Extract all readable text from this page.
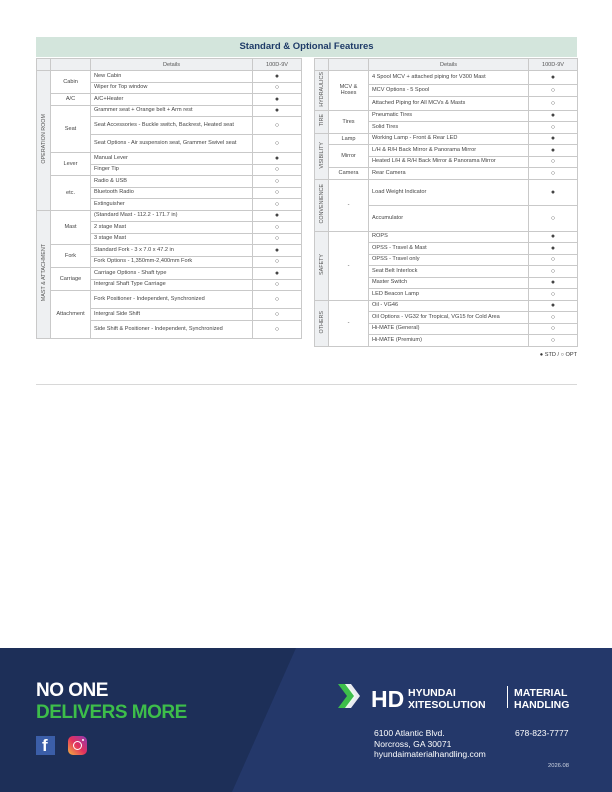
Standard & Optional Features
		Details	100D-9V
OPERATION ROOM	Cabin	New Cabin	●
		Wiper for Top window	○
	A/C	A/C+Heater	●
	Seat	Grammer seat + Orange belt + Arm rest	●
		Seat Accessories - Buckle switch, Backrest, Heated seat	○
		Seat Options - Air suspension seat, Grammer Swivel seat	○
	Lever	Manual Lever	●
		Finger Tip	○
	etc.	Radio & USB	○
		Bluetooth Radio	○
		Extinguisher	○
MAST & ATTACHMENT	Mast	(Standard Mast - 112.2 - 171.7 in)	●
		2 stage Mast	○
		3 stage Mast	○
	Fork	Standard Fork - 3 x 7.0 x 47.2 in	●
		Fork Options - 1,350mm-2,400mm Fork	○
	Carriage	Carriage Options - Shaft type	●
		Intergral Shaft Type Carriage	○
	Attachment	Fork Positioner - Independent, Synchronized	○
		Intergral Side Shift	○
		Side Shift & Positioner - Independent, Synchronized	○
		Details	100D-9V
HYDRAULICS	MCV & Hoses	4 Spool MCV + attached piping for V300 Mast	●
		MCV Options - 5 Spool	○
		Attached Piping for All MCVs & Masts	○
TIRE	Tires	Pneumatic Tires	●
		Solid Tires	○
VISIBILITY	Lamp	Working Lamp - Front & Rear LED	●
	Mirror	L/H & R/H Back Mirror & Panorama Mirror	●
		Heated L/H & R/H Back Mirror & Panorama Mirror	○
	Camera	Rear Camera	○
CONVENIENCE	-	Load Weight Indicator	●
		Accumulator	○
SAFETY	-	ROPS	●
		OPSS - Travel & Mast	●
		OPSS - Travel only	○
		Seat Belt Interlock	○
		Master Switch	●
		LED Beacon Lamp	○
OTHERS	-	Oil - VG46	●
		Oil Options - VG32 for Tropical, VG15 for Cold Area	○
		Hi-MATE (General)	○
		Hi-MATE (Premium)	○
● STD / ○ OPT
NO ONE
DELIVERS MORE
f
HD HYUNDAI
XITESOLUTION
MATERIAL
HANDLING
6100 Atlantic Blvd.
Norcross, GA 30071
hyundaimaterialhandling.com
678-823-7777
2026.08
